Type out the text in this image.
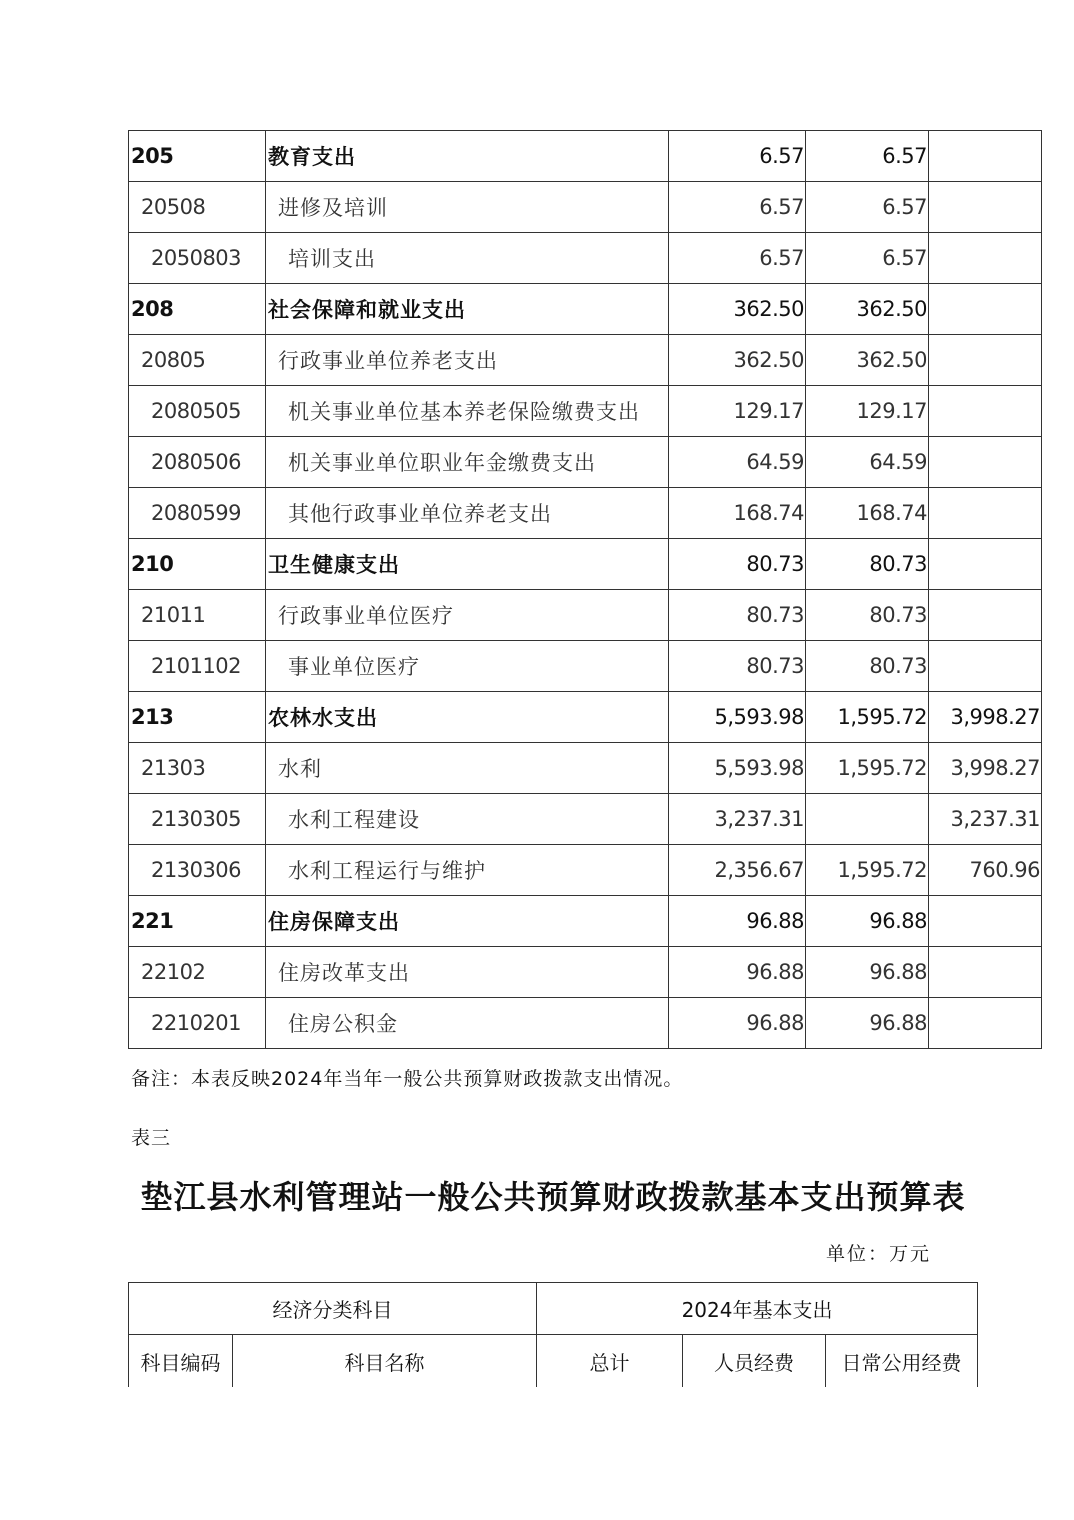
205	教育支出	6.57	6.57	
20508	进修及培训	6.57	6.57	
2050803	培训支出	6.57	6.57	
208	社会保障和就业支出	362.50	362.50	
20805	行政事业单位养老支出	362.50	362.50	
2080505	机关事业单位基本养老保险缴费支出	129.17	129.17	
2080506	机关事业单位职业年金缴费支出	64.59	64.59	
2080599	其他行政事业单位养老支出	168.74	168.74	
210	卫生健康支出	80.73	80.73	
21011	行政事业单位医疗	80.73	80.73	
2101102	事业单位医疗	80.73	80.73	
213	农林水支出	5,593.98	1,595.72	3,998.27
21303	水利	5,593.98	1,595.72	3,998.27
2130305	水利工程建设	3,237.31		3,237.31
2130306	水利工程运行与维护	2,356.67	1,595.72	760.96
221	住房保障支出	96.88	96.88	
22102	住房改革支出	96.88	96.88	
2210201	住房公积金	96.88	96.88	
备注：本表反映2024年当年一般公共预算财政拨款支出情况。
表三
垫江县水利管理站一般公共预算财政拨款基本支出预算表
单位：万元
经济分类科目		2024年基本支出		
科目编码	科目名称	总计	人员经费	日常公用经费
